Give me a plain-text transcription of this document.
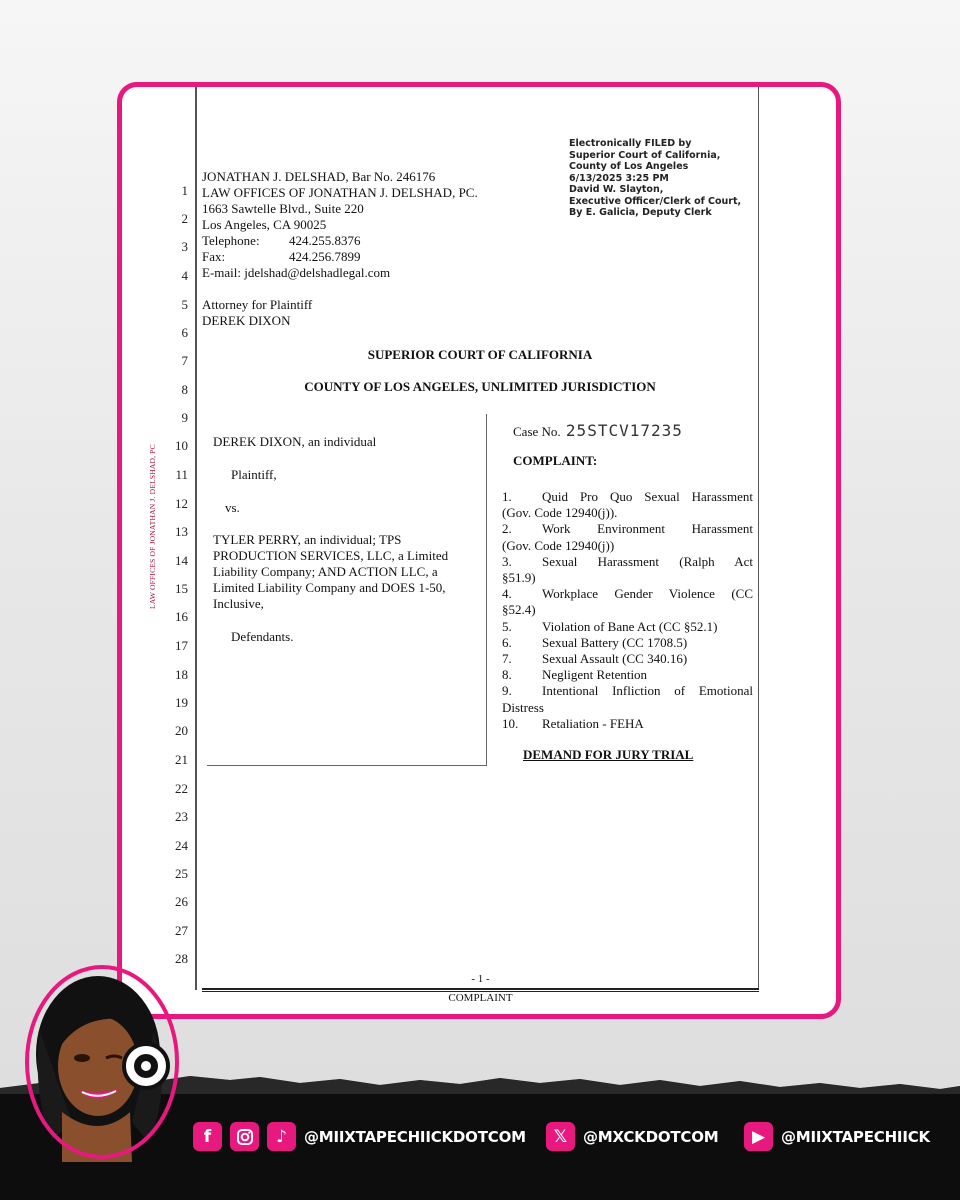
LAW OFFICES OF JONATHAN J. DELSHAD, PC
1
2
3
4
5
6
7
8
9
10
11
12
13
14
15
16
17
18
19
20
21
22
23
24
25
26
27
28
Electronically FILED by
Superior Court of California,
County of Los Angeles
6/13/2025 3:25 PM
David W. Slayton,
Executive Officer/Clerk of Court,
By E. Galicia, Deputy Clerk
JONATHAN J. DELSHAD, Bar No. 246176
LAW OFFICES OF JONATHAN J. DELSHAD, PC.
1663 Sawtelle Blvd., Suite 220
Los Angeles, CA 90025
Telephone: 424.255.8376
Fax:	424.256.7899
E-mail: jdelshad@delshadlegal.com
Attorney for Plaintiff
DEREK DIXON
SUPERIOR COURT OF CALIFORNIA
COUNTY OF LOS ANGELES, UNLIMITED JURISDICTION
DEREK DIXON, an individual
Plaintiff,
vs.
TYLER PERRY, an individual; TPS
PRODUCTION SERVICES, LLC, a Limited
Liability Company; AND ACTION LLC, a
Limited Liability Company and DOES 1-50,
Inclusive,
Defendants.
Case No. 25STCV17235
COMPLAINT:
1.	Quid Pro Quo Sexual Harassment
(Gov. Code 12940(j)).
2.	Work Environment Harassment
(Gov. Code 12940(j))
3.	Sexual Harassment (Ralph Act
§51.9)
4.	Workplace Gender Violence (CC
§52.4)
5.	Violation of Bane Act (CC §52.1)
6.	Sexual Battery (CC 1708.5)
7.	Sexual Assault (CC 340.16)
8.	Negligent Retention
9.	Intentional Infliction of Emotional
Distress
10.	Retaliation - FEHA
DEMAND FOR JURY TRIAL
- 1 -
COMPLAINT
f	♪	@MIIXTAPECHIICKDOTCOM	𝕏	@MXCKDOTCOM	▶	@MIIXTAPECHIICK
